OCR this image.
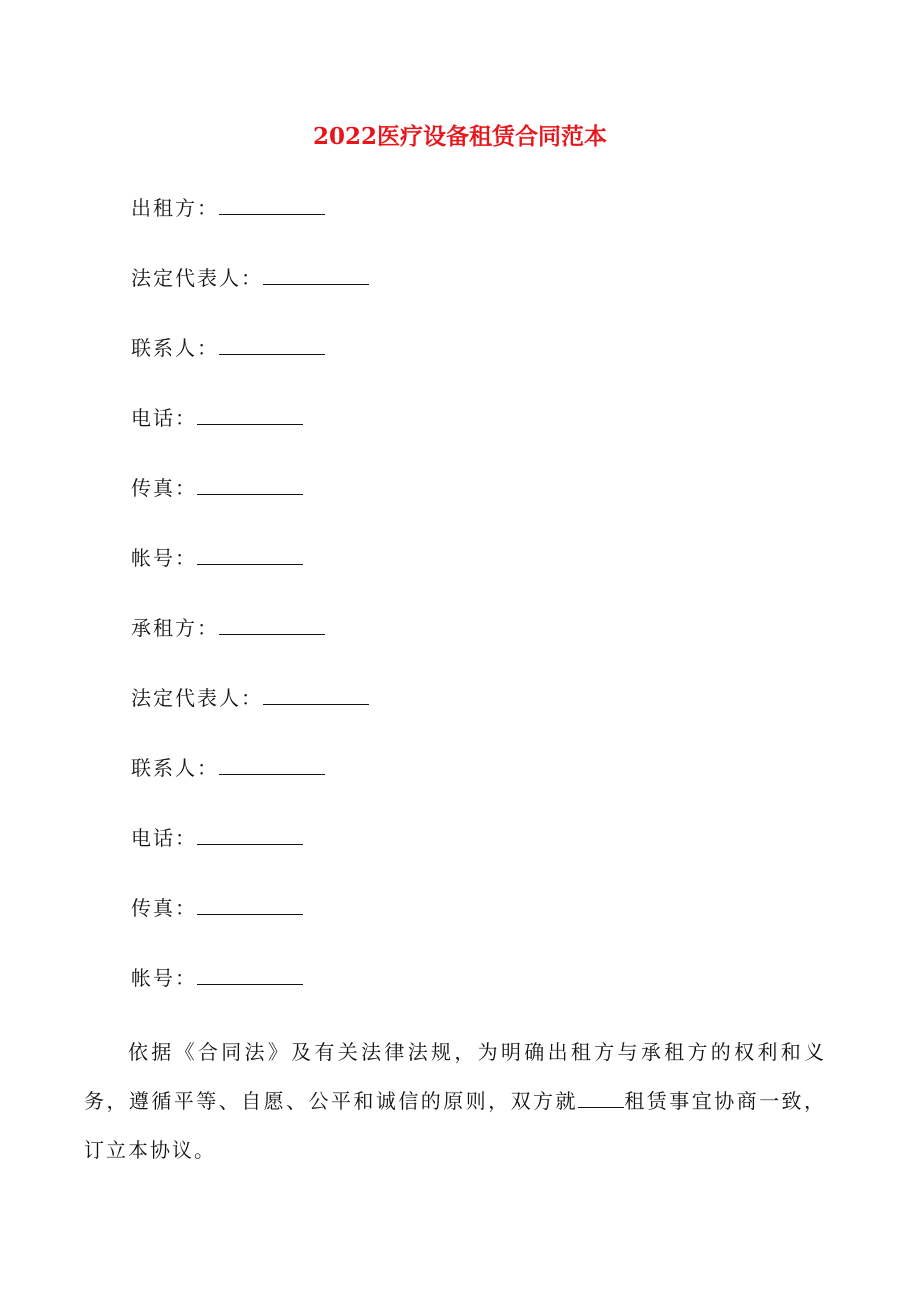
2022医疗设备租赁合同范本
出租方：
法定代表人：
联系人：
电话：
传真：
帐号：
承租方：
法定代表人：
联系人：
电话：
传真：
帐号：
依据《合同法》及有关法律法规，为明确出租方与承租方的权利和义务，遵循平等、自愿、公平和诚信的原则，双方就 租赁事宜协商一致，订立本协议。
